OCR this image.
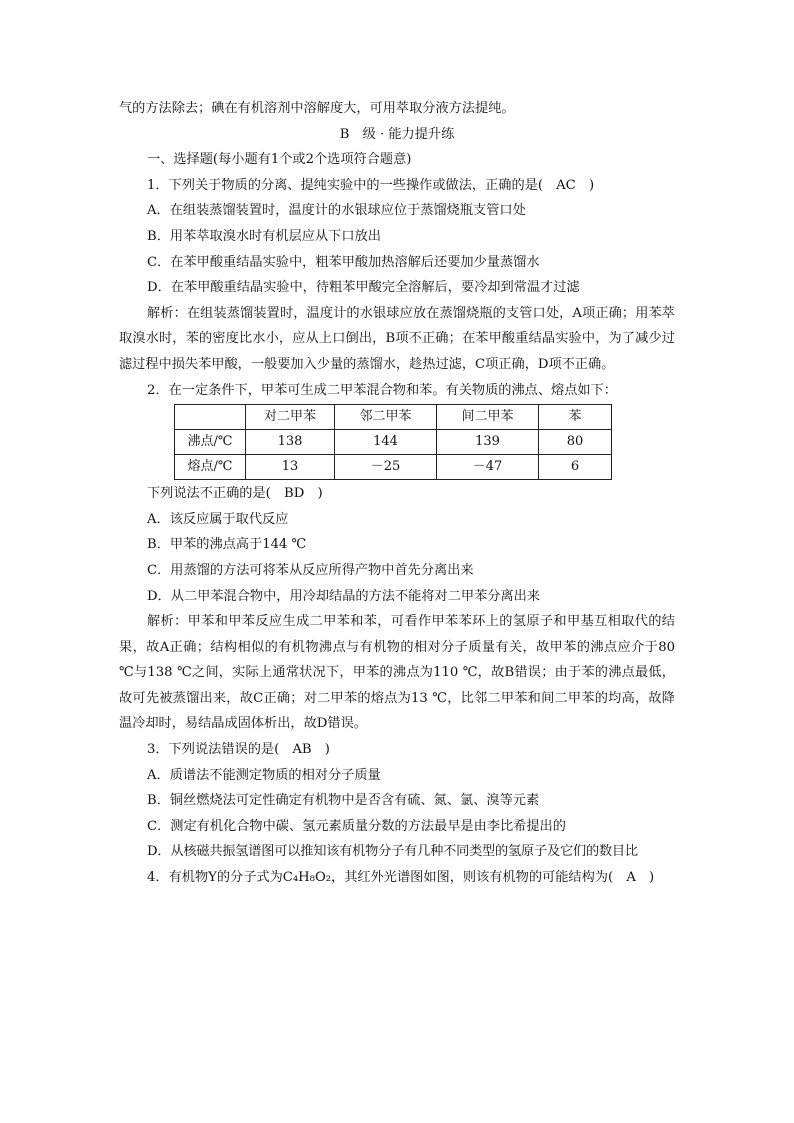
气的方法除去；碘在有机溶剂中溶解度大，可用萃取分液方法提纯。

B　级 · 能力提升练

一、选择题(每小题有1个或2个选项符合题意)

1．下列关于物质的分离、提纯实验中的一些操作或做法，正确的是(　AC　)

A．在组装蒸馏装置时，温度计的水银球应位于蒸馏烧瓶支管口处

B．用苯萃取溴水时有机层应从下口放出

C．在苯甲酸重结晶实验中，粗苯甲酸加热溶解后还要加少量蒸馏水

D．在苯甲酸重结晶实验中，待粗苯甲酸完全溶解后，要冷却到常温才过滤

解析：在组装蒸馏装置时，温度计的水银球应放在蒸馏烧瓶的支管口处，A项正确；用苯萃取溴水时，苯的密度比水小，应从上口倒出，B项不正确；在苯甲酸重结晶实验中，为了减少过滤过程中损失苯甲酸，一般要加入少量的蒸馏水，趁热过滤，C项正确，D项不正确。

2．在一定条件下，甲苯可生成二甲苯混合物和苯。有关物质的沸点、熔点如下：

	对二甲苯	邻二甲苯	间二甲苯	苯
沸点/℃	138	144	139	80
熔点/℃	13	－25	－47	6

下列说法不正确的是(　BD　)

A．该反应属于取代反应

B．甲苯的沸点高于144 ℃

C．用蒸馏的方法可将苯从反应所得产物中首先分离出来

D．从二甲苯混合物中，用冷却结晶的方法不能将对二甲苯分离出来

解析：甲苯和甲苯反应生成二甲苯和苯，可看作甲苯苯环上的氢原子和甲基互相取代的结果，故A正确；结构相似的有机物沸点与有机物的相对分子质量有关，故甲苯的沸点应介于80 ℃与138 ℃之间，实际上通常状况下，甲苯的沸点为110 ℃，故B错误；由于苯的沸点最低，故可先被蒸馏出来，故C正确；对二甲苯的熔点为13 ℃，比邻二甲苯和间二甲苯的均高，故降温冷却时，易结晶成固体析出，故D错误。

3．下列说法错误的是(　AB　)

A．质谱法不能测定物质的相对分子质量

B．铜丝燃烧法可定性确定有机物中是否含有硫、氮、氯、溴等元素

C．测定有机化合物中碳、氢元素质量分数的方法最早是由李比希提出的

D．从核磁共振氢谱图可以推知该有机物分子有几种不同类型的氢原子及它们的数目比

4．有机物Y的分子式为C₄H₈O₂，其红外光谱图如图，则该有机物的可能结构为(　A　)
